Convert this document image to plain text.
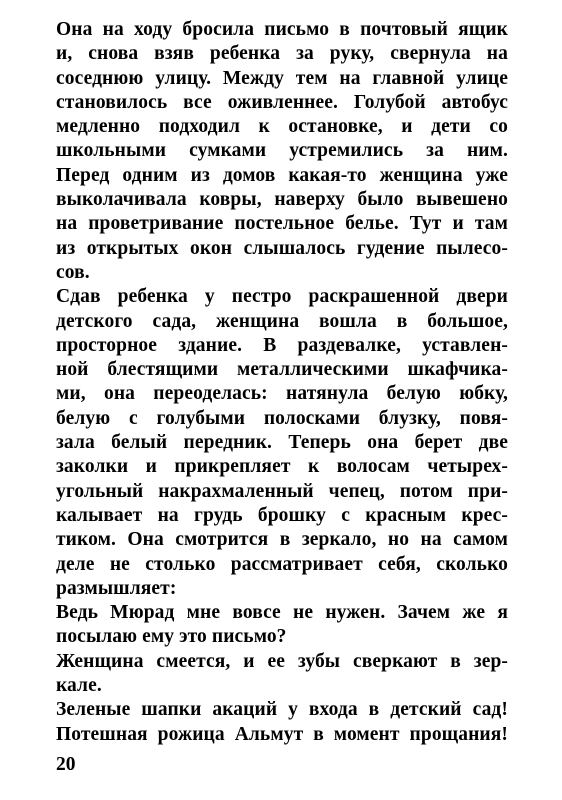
Она на ходу бросила письмо в почтовый ящик
и, снова взяв ребенка за руку, свернула на
соседнюю улицу. Между тем на главной улице
становилось все оживленнее. Голубой автобус
медленно подходил к остановке, и дети со
школьными сумками устремились за ним.
Перед одним из домов какая-то женщина уже
выколачивала ковры, наверху было вывешено
на проветривание постельное белье. Тут и там
из открытых окон слышалось гудение пылесо-
сов.
Сдав ребенка у пестро раскрашенной двери
детского сада, женщина вошла в большое,
просторное здание. В раздевалке, уставлен-
ной блестящими металлическими шкафчика-
ми, она переоделась: натянула белую юбку,
белую с голубыми полосками блузку, повя-
зала белый передник. Теперь она берет две
заколки и прикрепляет к волосам четырех-
угольный накрахмаленный чепец, потом при-
калывает на грудь брошку с красным крес-
тиком. Она смотрится в зеркало, но на самом
деле не столько рассматривает себя, сколько
размышляет:
Ведь Мюрад мне вовсе не нужен. Зачем же я
посылаю ему это письмо?
Женщина смеется, и ее зубы сверкают в зер-
кале.
Зеленые шапки акаций у входа в детский сад!
Потешная рожица Альмут в момент прощания!
20
